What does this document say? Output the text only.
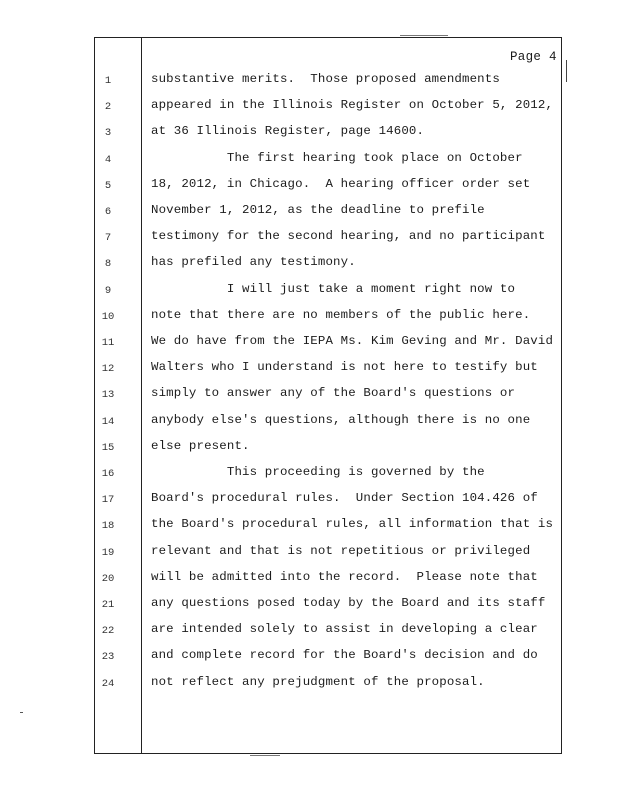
Page 4
1	substantive merits.  Those proposed amendments
2	appeared in the Illinois Register on October 5, 2012,
3	at 36 Illinois Register, page 14600.
4	The first hearing took place on October
5	18, 2012, in Chicago.  A hearing officer order set
6	November 1, 2012, as the deadline to prefile
7	testimony for the second hearing, and no participant
8	has prefiled any testimony.
9	I will just take a moment right now to
10	note that there are no members of the public here.
11	We do have from the IEPA Ms. Kim Geving and Mr. David
12	Walters who I understand is not here to testify but
13	simply to answer any of the Board's questions or
14	anybody else's questions, although there is no one
15	else present.
16	This proceeding is governed by the
17	Board's procedural rules.  Under Section 104.426 of
18	the Board's procedural rules, all information that is
19	relevant and that is not repetitious or privileged
20	will be admitted into the record.  Please note that
21	any questions posed today by the Board and its staff
22	are intended solely to assist in developing a clear
23	and complete record for the Board's decision and do
24	not reflect any prejudgment of the proposal.
